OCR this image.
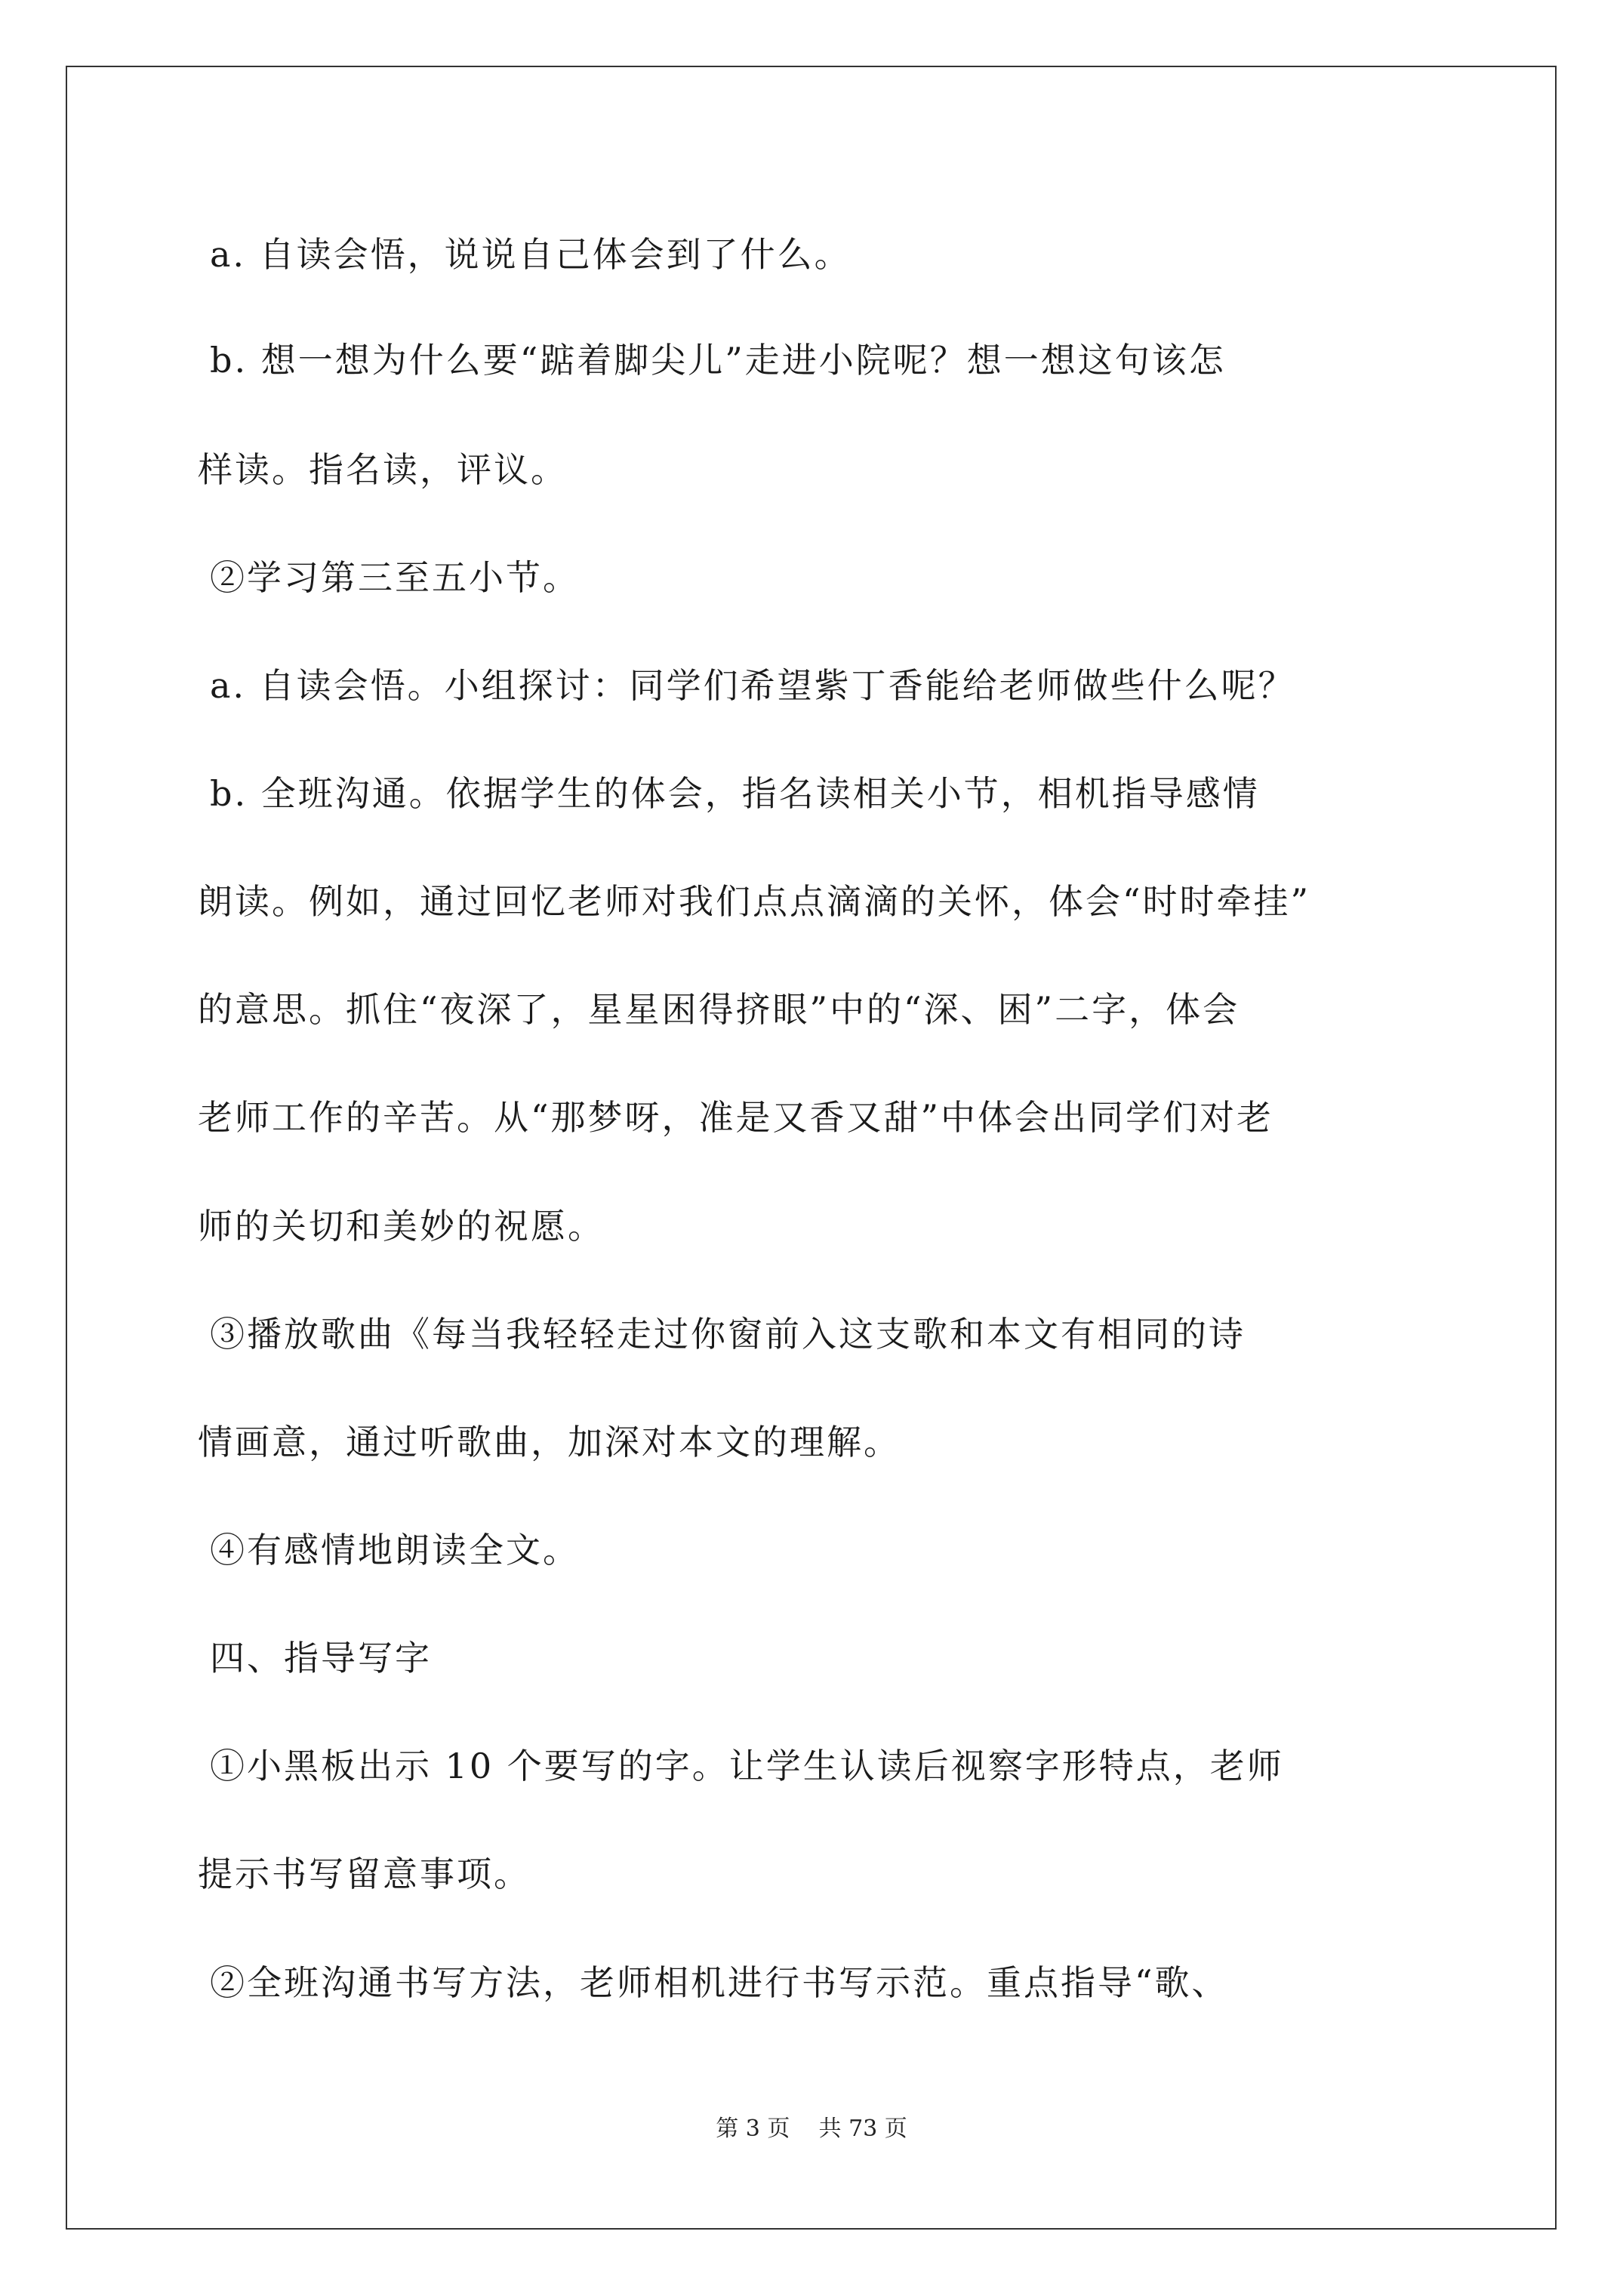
a. 自读会悟，说说自己体会到了什么。
b. 想一想为什么要“踮着脚尖儿”走进小院呢？想一想这句该怎
样读。指名读，评议。
②学习第三至五小节。
a. 自读会悟。小组探讨：同学们希望紫丁香能给老师做些什么呢？
b. 全班沟通。依据学生的体会，指名读相关小节，相机指导感情
朗读。例如，通过回忆老师对我们点点滴滴的关怀，体会“时时牵挂”
的意思。抓住“夜深了，星星困得挤眼”中的“深、困”二字，体会
老师工作的辛苦。从“那梦呀，准是又香又甜”中体会出同学们对老
师的关切和美妙的祝愿。
③播放歌曲《每当我轻轻走过你窗前入这支歌和本文有相同的诗
情画意，通过听歌曲，加深对本文的理解。
④有感情地朗读全文。
四、指导写字
①小黑板出示 10 个要写的字。让学生认读后视察字形特点，老师
提示书写留意事项。
②全班沟通书写方法，老师相机进行书写示范。重点指导“歌、
第 3 页 共 73 页
